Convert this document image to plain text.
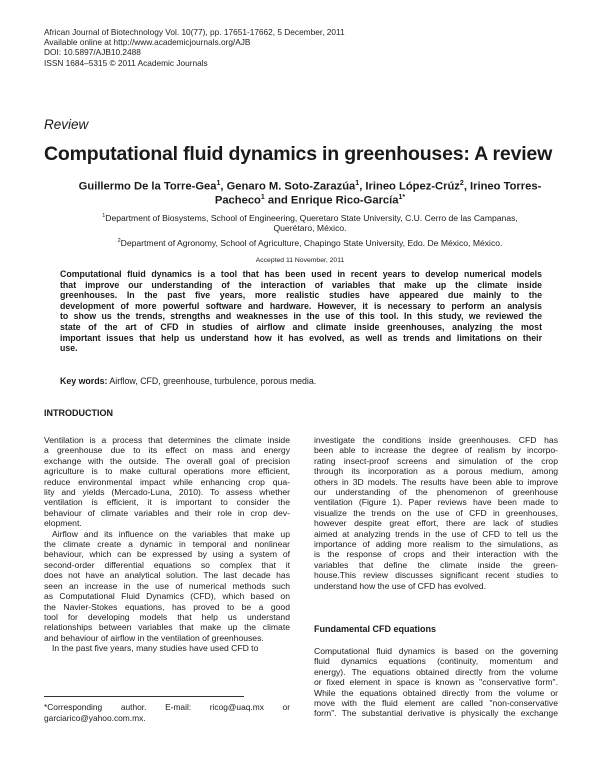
African Journal of Biotechnology Vol. 10(77), pp. 17651-17662, 5 December, 2011
Available online at http://www.academicjournals.org/AJB
DOI: 10.5897/AJB10.2488
ISSN 1684–5315 © 2011 Academic Journals
Review
Computational fluid dynamics in greenhouses: A review
Guillermo De la Torre-Gea$^1$, Genaro M. Soto-Zarazúa$^1$, Irineo López-Crúz$^2$, Irineo Torres-
Pacheco$^1$ and Enrique Rico-García$^{1*}$
$^1$Department of Biosystems, School of Engineering, Queretaro State University, C.U. Cerro de las Campanas,
Querétaro, México.
$^2$Department of Agronomy, School of Agriculture, Chapingo State University, Edo. De México, México.
Accepted 11 November, 2011
Computational fluid dynamics is a tool that has been used in recent years to develop numerical models
that improve our understanding of the interaction of variables that make up the climate inside
greenhouses. In the past five years, more realistic studies have appeared due mainly to the
development of more powerful software and hardware. However, it is necessary to perform an analysis
to show us the trends, strengths and weaknesses in the use of this tool. In this study, we reviewed the
state of the art of CFD in studies of airflow and climate inside greenhouses, analyzing the most
important issues that help us understand how it has evolved, as well as trends and limitations on their
use.
Key words: Airflow, CFD, greenhouse, turbulence, porous media.
INTRODUCTION
Ventilation is a process that determines the climate inside
a greenhouse due to its effect on mass and energy
exchange with the outside. The overall goal of precision
agriculture is to make cultural operations more efficient,
reduce environmental impact while enhancing crop qua-
lity and yields (Mercado-Luna, 2010). To assess whether
ventilation is efficient, it is important to consider the
behaviour of climate variables and their role in crop dev-
elopment.
Airflow and its influence on the variables that make up
the climate create a dynamic in temporal and nonlinear
behaviour, which can be expressed by using a system of
second-order differential equations so complex that it
does not have an analytical solution. The last decade has
seen an increase in the use of numerical methods such
as Computational Fluid Dynamics (CFD), which based on
the Navier-Stokes equations, has proved to be a good
tool for developing models that help us understand
relationships between variables that make up the climate
and behaviour of airflow in the ventilation of greenhouses.
In the past five years, many studies have used CFD to
*Corresponding author. E-mail: ricog@uaq.mx or
garciarico@yahoo.com.mx.
investigate the conditions inside greenhouses. CFD has
been able to increase the degree of realism by incorpo-
rating insect-proof screens and simulation of the crop
through its incorporation as a porous medium, among
others in 3D models. The results have been able to improve
our understanding of the phenomenon of greenhouse
ventilation (Figure 1). Paper reviews have been made to
visualize the trends on the use of CFD in greenhouses,
however despite great effort, there are lack of studies
aimed at analyzing trends in the use of CFD to tell us the
importance of adding more realism to the simulations, as
is the response of crops and their interaction with the
variables that define the climate inside the green-
house.This review discusses significant recent studies to
understand how the use of CFD has evolved.
Fundamental CFD equations
Computational fluid dynamics is based on the governing
fluid dynamics equations (continuity, momentum and
energy). The equations obtained directly from the volume
or fixed element in space is known as "conservative form".
While the equations obtained directly from the volume or
move with the fluid element are called "non-conservative
form". The substantial derivative is physically the exchange
